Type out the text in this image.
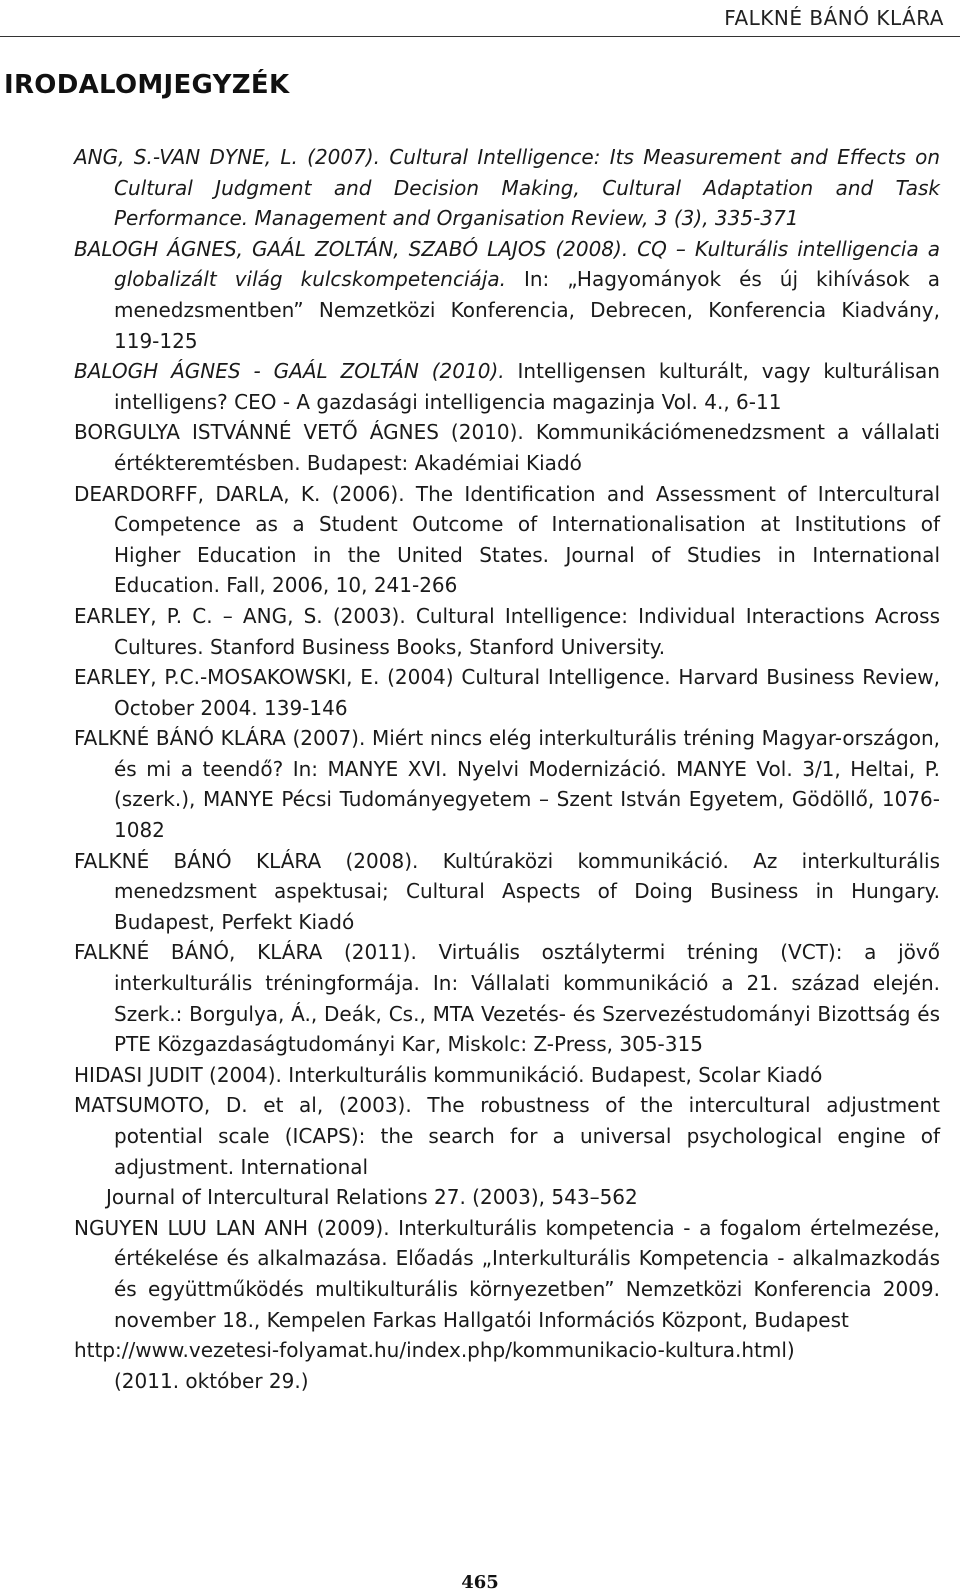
FALKNÉ BÁNÓ KLÁRA
IRODALOMJEGYZÉK
ANG, S.-VAN DYNE, L. (2007). Cultural Intelligence: Its Measurement and Effects on Cultural Judgment and Decision Making, Cultural Adaptation and Task Performance. Management and Organisation Review, 3 (3), 335-371
BALOGH ÁGNES, GAÁL ZOLTÁN, SZABÓ LAJOS (2008). CQ – Kulturális intelligencia a globalizált világ kulcskompetenciája. In: „Hagyományok és új kihívások a menedzsmentben” Nemzetközi Konferencia, Debrecen, Konferencia Kiadvány, 119-125
BALOGH ÁGNES - GAÁL ZOLTÁN (2010). Intelligensen kulturált, vagy kulturálisan intelligens? CEO - A gazdasági intelligencia magazinja Vol. 4., 6-11
BORGULYA ISTVÁNNÉ VETŐ ÁGNES (2010). Kommunikációmenedzsment a vállalati értékteremtésben. Budapest: Akadémiai Kiadó
DEARDORFF, DARLA, K. (2006). The Identification and Assessment of Intercultural Competence as a Student Outcome of Internationalisation at Institutions of Higher Education in the United States. Journal of Studies in International Education. Fall, 2006, 10, 241-266
EARLEY, P. C. – ANG, S. (2003). Cultural Intelligence: Individual Interactions Across Cultures. Stanford Business Books, Stanford University.
EARLEY, P.C.-MOSAKOWSKI, E. (2004) Cultural Intelligence. Harvard Business Review, October 2004. 139-146
FALKNÉ BÁNÓ KLÁRA (2007). Miért nincs elég interkulturális tréning Magyar-országon, és mi a teendő? In: MANYE XVI. Nyelvi Modernizáció. MANYE Vol. 3/1, Heltai, P. (szerk.), MANYE Pécsi Tudományegyetem – Szent István Egyetem, Gödöllő, 1076-1082
FALKNÉ BÁNÓ KLÁRA (2008). Kultúraközi kommunikáció. Az interkulturális menedzsment aspektusai; Cultural Aspects of Doing Business in Hungary. Budapest, Perfekt Kiadó
FALKNÉ BÁNÓ, KLÁRA (2011). Virtuális osztálytermi tréning (VCT): a jövő interkulturális tréningformája. In: Vállalati kommunikáció a 21. század elején. Szerk.: Borgulya, Á., Deák, Cs., MTA Vezetés- és Szervezéstudományi Bizottság és PTE Közgazdaságtudományi Kar, Miskolc: Z-Press, 305-315
HIDASI JUDIT (2004). Interkulturális kommunikáció. Budapest, Scolar Kiadó
MATSUMOTO, D. et al, (2003). The robustness of the intercultural adjustment potential scale (ICAPS): the search for a universal psychological engine of adjustment. International
Journal of Intercultural Relations 27. (2003), 543–562
NGUYEN LUU LAN ANH (2009). Interkulturális kompetencia - a fogalom értelmezése, értékelése és alkalmazása. Előadás „Interkulturális Kompetencia - alkalmazkodás és együttműködés multikulturális környezetben” Nemzetközi Konferencia 2009. november 18., Kempelen Farkas Hallgatói Információs Központ, Budapest
http://www.vezetesi-folyamat.hu/index.php/kommunikacio-kultura.html)
(2011. október 29.)
465
